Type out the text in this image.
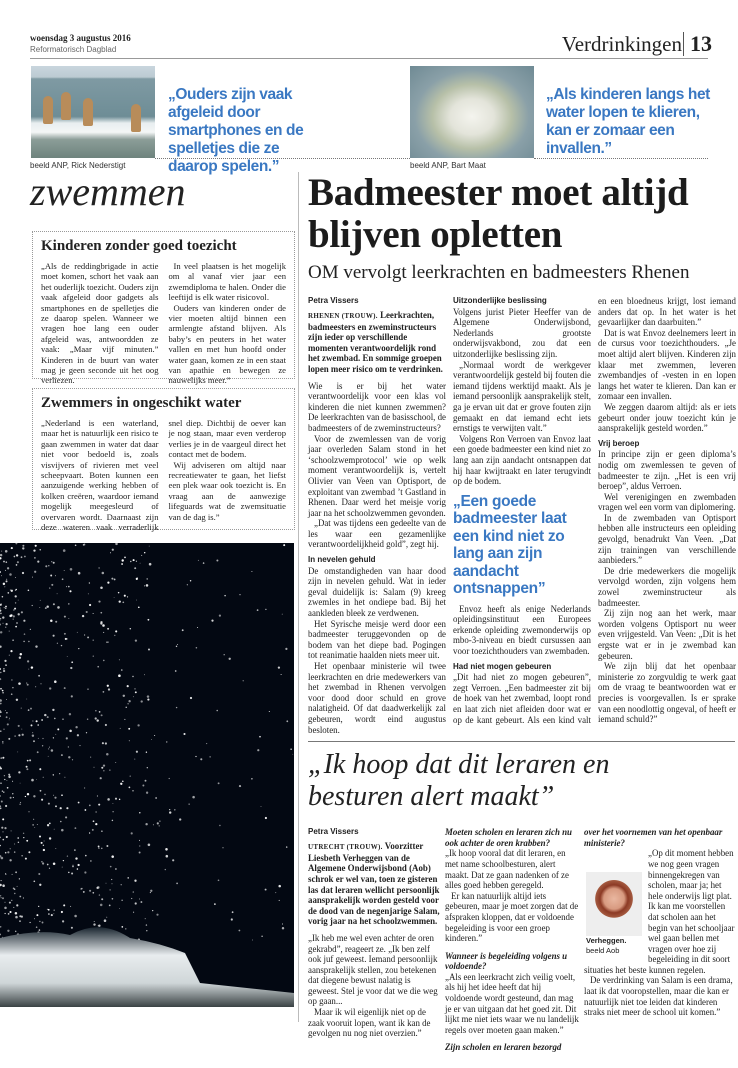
woensdag 3 augustus 2016
Reformatorisch Dagblad	Verdrinkingen 13
„Ouders zijn vaak afgeleid door smartphones en de spelletjes die ze daarop spelen.”
„Als kinderen langs het water lopen te klieren, kan er zomaar een invallen.”
beeld ANP, Rick Nederstigt	beeld ANP, Bart Maat
zwemmen
Kinderen zonder goed toezicht

„Als de reddingbrigade in actie moet komen, schort het vaak aan het ouderlijk toezicht. Ouders zijn vaak afgeleid door gadgets als smartphones en de spelletjes die ze daarop spelen. Wanneer we vragen hoe lang een ouder afgeleid was, antwoordden ze vaak: „Maar vijf minuten.” Kinderen in de buurt van water mag je geen seconde uit het oog verliezen.

In veel plaatsen is het mogelijk om al vanaf vier jaar een zwemdiploma te halen. Onder die leeftijd is elk water risicovol.

Ouders van kinderen onder de vier moeten altijd binnen een armlengte afstand blijven. Als baby’s en peuters in het water vallen en met hun hoofd onder water gaan, komen ze in een staat van apathie en bewegen ze nauwelijks meer.”

Zwemmers in ongeschikt water

„Nederland is een waterland, maar het is natuurlijk een risico te gaan zwemmen in water dat daar niet voor bedoeld is, zoals visvijvers of rivieren met veel scheepvaart. Boten kunnen een aanzuigende werking hebben of kolken creëren, waardoor iemand mogelijk meegesleurd of overvaren wordt. Daarnaast zijn deze wateren vaak verraderlijk snel diep. Dichtbij de oever kan je nog staan, maar even verderop verlies je in de vaargeul direct het contact met de bodem.

Wij adviseren om altijd naar recreatiewater te gaan, het liefst een plek waar ook toezicht is. En vraag aan de aanwezige lifeguards wat de zwemsituatie van de dag is.”

Badmeester moet altijd blijven opletten
OM vervolgt leerkrachten en badmeesters Rhenen
Petra Vissers

RHENEN (TROUW). Leerkrachten, badmeesters en zweminstructeurs zijn ieder op verschillende momenten verantwoordelijk rond het zwembad. En sommige groepen lopen meer risico om te verdrinken.

Wie is er bij het water verantwoordelijk voor een klas vol kinderen die niet kunnen zwemmen? De leerkrachten van de basisschool, de badmeesters of de zweminstructeurs?

Voor de zwemlessen van de vorig jaar overleden Salam stond in het ‘schoolzwemprotocol’ wie op welk moment verantwoordelijk is, vertelt Olivier van Veen van Optisport, de exploitant van zwembad ’t Gastland in Rhenen. Daar werd het meisje vorig jaar na het schoolzwemmen gevonden.

„Dat was tijdens een gedeelte van de les waar een gezamenlijke verantwoordelijkheid gold”, zegt hij.

In nevelen gehuld

De omstandigheden van haar dood zijn in nevelen gehuld. Wat in ieder geval duidelijk is: Salam (9) kreeg zwemles in het ondiepe bad. Bij het aankleden bleek ze verdwenen.

Het Syrische meisje werd door een badmeester teruggevonden op de bodem van het diepe bad. Pogingen tot reanimatie haalden niets meer uit.

Het openbaar ministerie wil twee leerkrachten en drie medewerkers van het zwembad in Rhenen vervolgen voor dood door schuld en grove nalatigheid. Of dat daadwerkelijk zal gebeuren, wordt eind augustus besloten.

Uitzonderlijke beslissing

Volgens jurist Pieter Heeffer van de Algemene Onderwijsbond, Nederlands grootste onderwijsvakbond, zou dat een uitzonderlijke beslissing zijn.

„Normaal wordt de werkgever verantwoordelijk gesteld bij fouten die iemand tijdens werktijd maakt. Als je iemand persoonlijk aansprakelijk stelt, ga je ervan uit dat er grove fouten zijn gemaakt en dat iemand echt iets ernstigs te verwijten valt.”

Volgens Ron Verroen van Envoz laat een goede badmeester een kind niet zo lang aan zijn aandacht ontsnappen dat hij haar kwijtraakt en later terugvindt op de bodem.

„Een goede badmeester laat een kind niet zo lang aan zijn aandacht ontsnappen”

Envoz heeft als enige Nederlands opleidingsinstituut een Europees erkende opleiding zwemonderwijs op mbo-3-niveau en biedt cursussen aan voor toezichthouders van zwembaden.

Had niet mogen gebeuren

„Dit had niet zo mogen gebeuren”, zegt Verroen. „Een badmeester zit bij de hoek van het zwembad, loopt rond en laat zich niet afleiden door wat er op de kant gebeurt. Als een kind valt en een bloedneus krijgt, lost iemand anders dat op. In het water is het gevaarlijker dan daarbuiten.”

Dat is wat Envoz deelnemers leert in de cursus voor toezichthouders. „Je moet altijd alert blijven. Kinderen zijn klaar met zwemmen, leveren zwembandjes of -vesten in en lopen langs het water te klieren. Dan kan er zomaar een invallen.

We zeggen daarom altijd: als er iets gebeurt onder jouw toezicht kún je aansprakelijk gesteld worden.”

Vrij beroep

In principe zijn er geen diploma’s nodig om zwemlessen te geven of badmeester te zijn. „Het is een vrij beroep”, aldus Verroen.

Wel verenigingen en zwembaden vragen wel een vorm van diplomering.

In de zwembaden van Optisport hebben alle instructeurs een opleiding gevolgd, benadrukt Van Veen. „Dat zijn trainingen van verschillende aanbieders.”

De drie medewerkers die mogelijk vervolgd worden, zijn volgens hem zowel zweminstructeur als badmeester.

Zij zijn nog aan het werk, maar worden volgens Optisport nu weer even vrijgesteld. Van Veen: „Dit is het ergste wat er in je zwembad kan gebeuren.

We zijn blij dat het openbaar ministerie zo zorgvuldig te werk gaat om de vraag te beantwoorden wat er precies is voorgevallen. Is er sprake van een noodlottig ongeval, of heeft er iemand schuld?”

„Ik hoop dat dit leraren en besturen alert maakt”
Petra Vissers

UTRECHT (TROUW). Voorzitter Liesbeth Verheggen van de Algemene Onderwijsbond (Aob) schrok er wel van, toen ze gisteren las dat leraren wellicht persoonlijk aansprakelijk worden gesteld voor de dood van de negenjarige Salam, vorig jaar na het schoolzwemmen.

„Ik heb me wel even achter de oren gekrabd”, reageert ze. „Ik ben zelf ook juf geweest. Iemand persoonlijk aansprakelijk stellen, zou betekenen dat diegene bewust nalatig is geweest. Stel je voor dat we die weg op gaan...

Maar ik wil eigenlijk niet op de zaak vooruit lopen, want ik kan de gevolgen nu nog niet overzien.”

Moeten scholen en leraren zich nu ook achter de oren krabben?

„Ik hoop vooral dat dit leraren, en met name schoolbesturen, alert maakt. Dat ze gaan nadenken of ze alles goed hebben geregeld.

Er kan natuurlijk altijd iets gebeuren, maar je moet zorgen dat de afspraken kloppen, dat er voldoende begeleiding is voor een groep kinderen.”

Wanneer is begeleiding volgens u voldoende?

„Als een leerkracht zich veilig voelt, als hij het idee heeft dat hij voldoende wordt gesteund, dan mag je er van uitgaan dat het goed zit. Dit lijkt me niet iets waar we nu landelijk regels over moeten gaan maken.”

Zijn scholen en leraren bezorgd

over het voornemen van het openbaar ministerie?

Verheggen.
beeld Aob

„Op dit moment hebben we nog geen vragen binnengekregen van scholen, maar ja; het hele onderwijs ligt plat. Ik kan me voorstellen dat scholen aan het begin van het schooljaar wel gaan bellen met vragen over hoe zij begeleiding in dit soort situaties het beste kunnen regelen.

De verdrinking van Salam is een drama, laat ik dat vooropstellen, maar die kan er natuurlijk niet toe leiden dat kinderen straks niet meer de school uit komen.”
